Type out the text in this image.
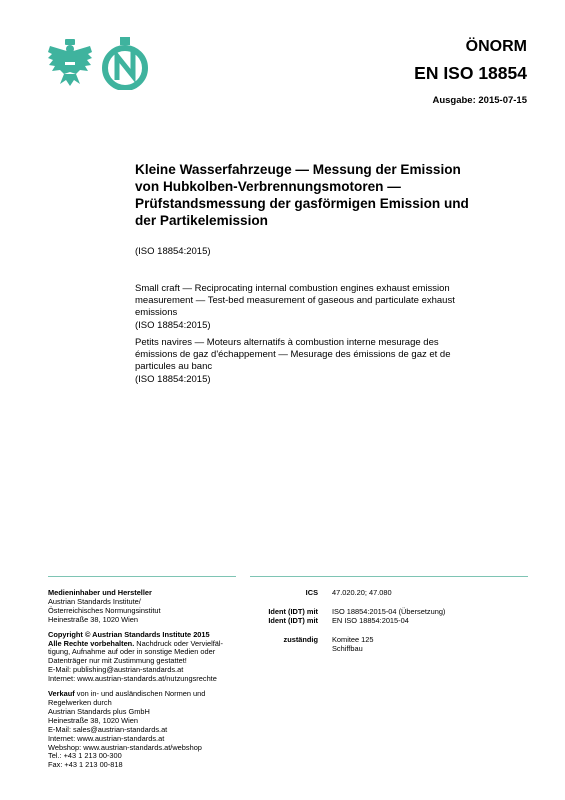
ÖNORM
EN ISO 18854
Ausgabe: 2015-07-15
Kleine Wasserfahrzeuge — Messung der Emission
von Hubkolben-Verbrennungsmotoren —
Prüfstandsmessung der gasförmigen Emission und
der Partikelemission
(ISO 18854:2015)
Small craft — Reciprocating internal combustion engines exhaust emission
measurement — Test-bed measurement of gaseous and particulate exhaust
emissions
(ISO 18854:2015)
Petits navires — Moteurs alternatifs à combustion interne mesurage des
émissions de gaz d'échappement — Mesurage des émissions de gaz et de
particules au banc
(ISO 18854:2015)

Medieninhaber und Hersteller
Austrian Standards Institute/
Österreichisches Normungsinstitut
Heinestraße 38, 1020 Wien

Copyright © Austrian Standards Institute 2015
Alle Rechte vorbehalten. Nachdruck oder Vervielfäl-
tigung, Aufnahme auf oder in sonstige Medien oder
Datenträger nur mit Zustimmung gestattet!
E-Mail: publishing@austrian-standards.at
Internet: www.austrian-standards.at/nutzungsrechte

Verkauf von in- und ausländischen Normen und
Regelwerken durch
Austrian Standards plus GmbH
Heinestraße 38, 1020 Wien
E-Mail: sales@austrian-standards.at
Internet: www.austrian-standards.at
Webshop: www.austrian-standards.at/webshop
Tel.: +43 1 213 00-300
Fax: +43 1 213 00-818

ICS	47.020.20; 47.080
Ident (IDT) mit	ISO 18854:2015-04 (Übersetzung)
Ident (IDT) mit	EN ISO 18854:2015-04
zuständig	Komitee 125
Schiffbau
